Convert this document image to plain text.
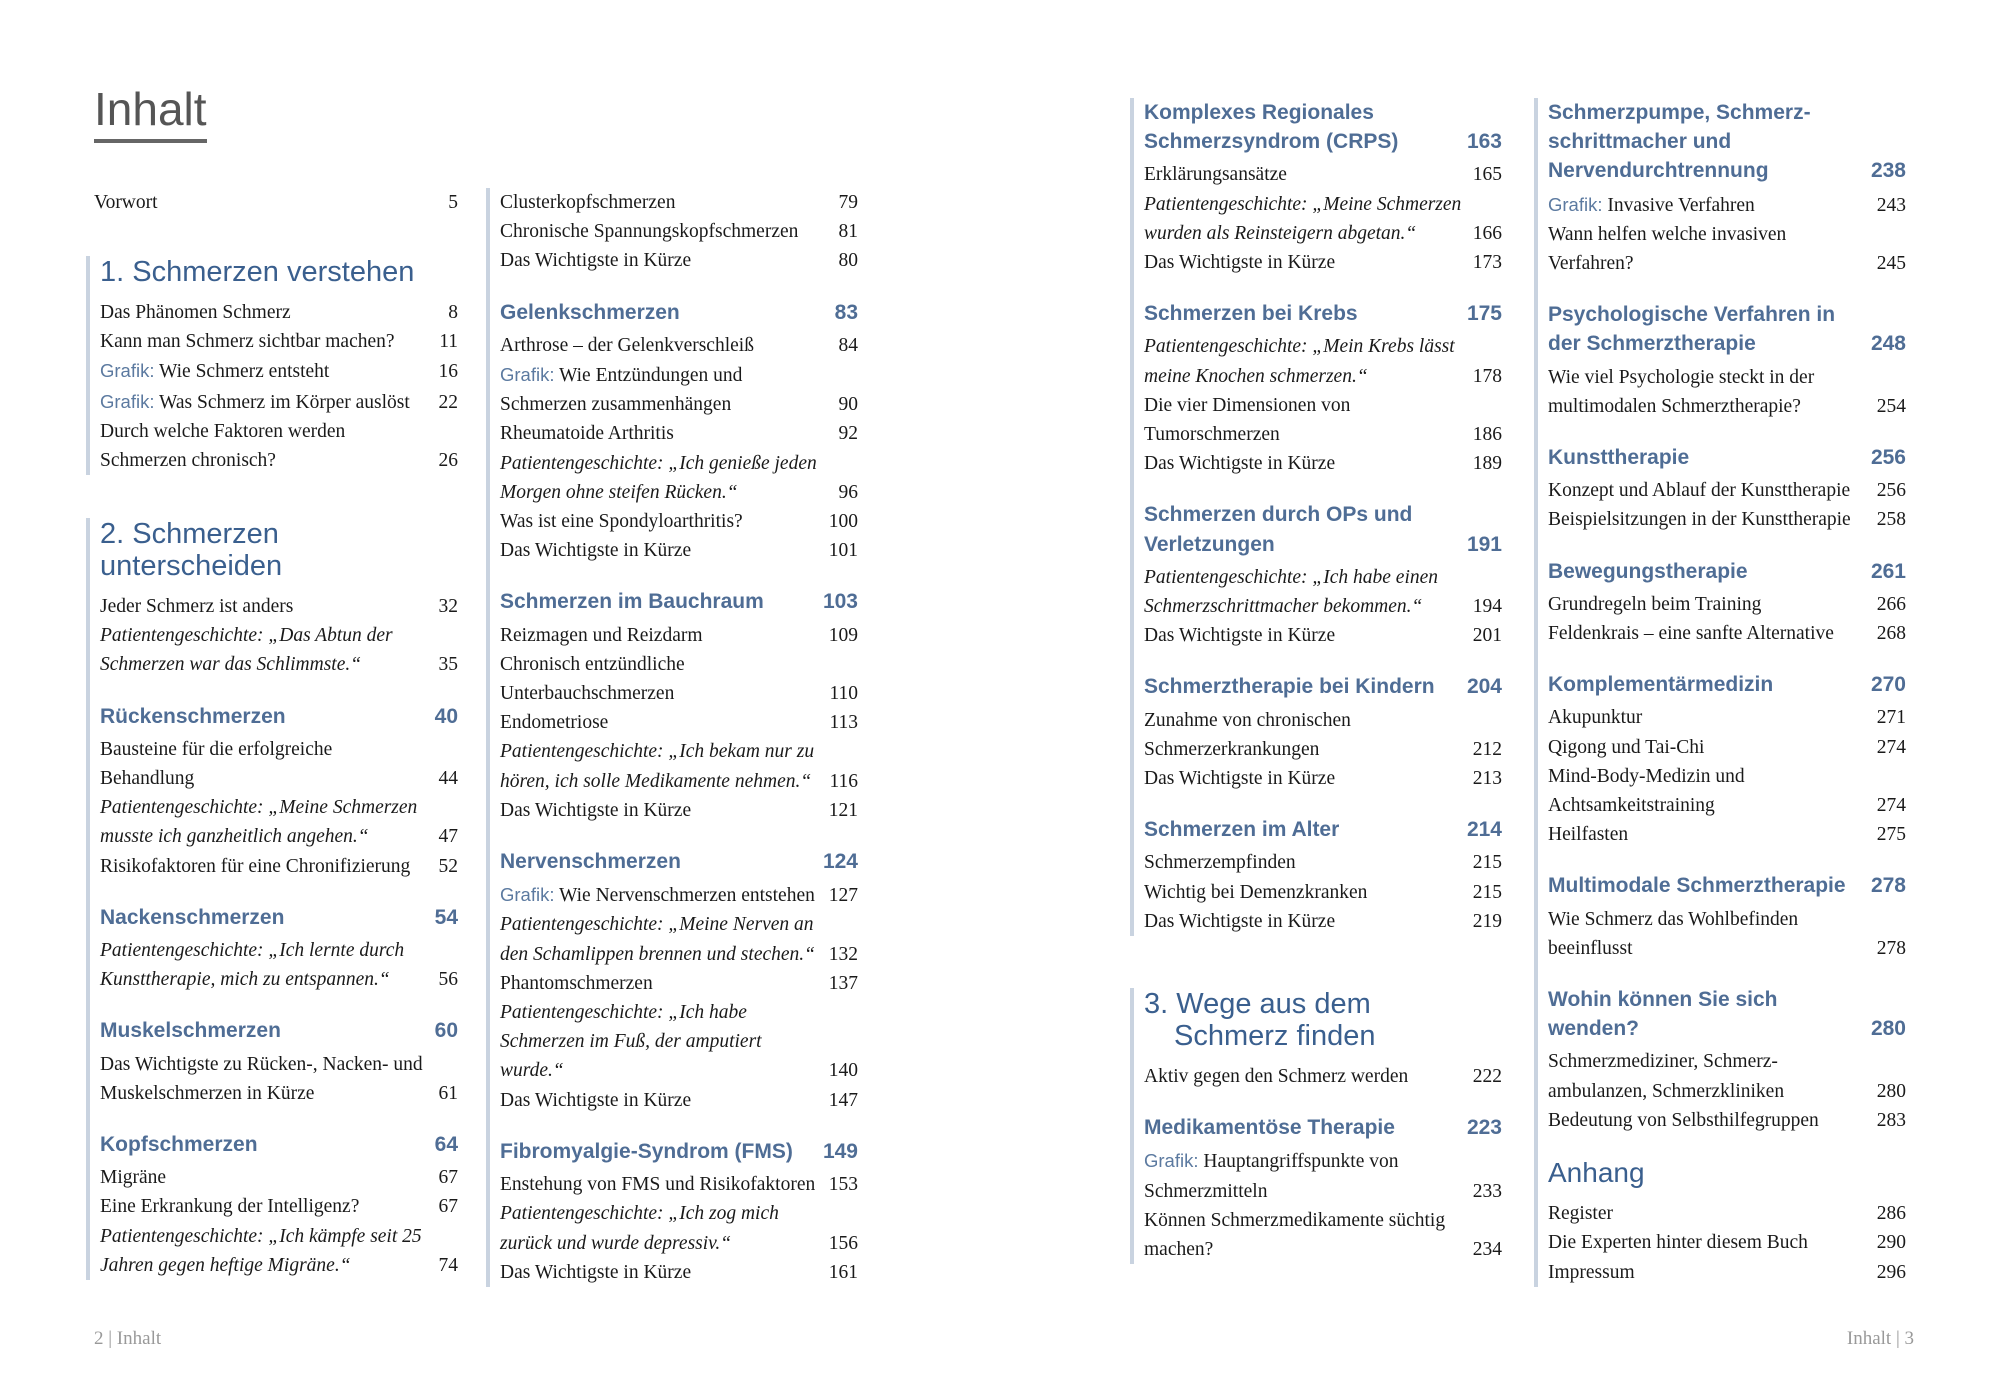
Inhalt
Vorwort	5
1. Schmerzen verstehen
Das Phänomen Schmerz	8
Kann man Schmerz sichtbar machen?	11
Grafik: Wie Schmerz entsteht	16
Grafik: Was Schmerz im Körper auslöst	22
Durch welche Faktoren werden Schmerzen chronisch?	26
2. Schmerzen unterscheiden
Jeder Schmerz ist anders	32
Patientengeschichte: „Das Abtun der Schmerzen war das Schlimmste.“	35
Rückenschmerzen	40
Bausteine für die erfolgreiche Behandlung	44
Patientengeschichte: „Meine Schmerzen musste ich ganzheitlich angehen.“	47
Risikofaktoren für eine Chronifizierung	52
Nackenschmerzen	54
Patientengeschichte: „Ich lernte durch Kunsttherapie, mich zu entspannen.“	56
Muskelschmerzen	60
Das Wichtigste zu Rücken-, Nacken- und Muskelschmerzen in Kürze	61
Kopfschmerzen	64
Migräne	67
Eine Erkrankung der Intelligenz?	67
Patientengeschichte: „Ich kämpfe seit 25 Jahren gegen heftige Migräne.“	74
Clusterkopfschmerzen	79
Chronische Spannungskopfschmerzen	81
Das Wichtigste in Kürze	80
Gelenkschmerzen	83
Arthrose – der Gelenkverschleiß	84
Grafik: Wie Entzündungen und Schmerzen zusammenhängen	90
Rheumatoide Arthritis	92
Patientengeschichte: „Ich genieße jeden Morgen ohne steifen Rücken.“	96
Was ist eine Spondyloarthritis?	100
Das Wichtigste in Kürze	101
Schmerzen im Bauchraum	103
Reizmagen und Reizdarm	109
Chronisch entzündliche Unterbauchschmerzen	110
Endometriose	113
Patientengeschichte: „Ich bekam nur zu hören, ich solle Medikamente nehmen.“ 116
Das Wichtigste in Kürze	121
Nervenschmerzen	124
Grafik: Wie Nervenschmerzen entstehen 127
Patientengeschichte: „Meine Nerven an den Schamlippen brennen und stechen.“ 132
Phantomschmerzen	137
Patientengeschichte: „Ich habe Schmerzen im Fuß, der amputiert wurde.“	140
Das Wichtigste in Kürze	147
Fibromyalgie-Syndrom (FMS)	149
Enstehung von FMS und Risikofaktoren 153
Patientengeschichte: „Ich zog mich zurück und wurde depressiv.“	156
Das Wichtigste in Kürze	161
Komplexes Regionales Schmerzsyndrom (CRPS)	163
Erklärungsansätze	165
Patientengeschichte: „Meine Schmerzen wurden als Reinsteigern abgetan.“	166
Das Wichtigste in Kürze	173
Schmerzen bei Krebs	175
Patientengeschichte: „Mein Krebs lässt meine Knochen schmerzen.“	178
Die vier Dimensionen von Tumorschmerzen	186
Das Wichtigste in Kürze	189
Schmerzen durch OPs und Verletzungen	191
Patientengeschichte: „Ich habe einen Schmerzschrittmacher bekommen.“	194
Das Wichtigste in Kürze	201
Schmerztherapie bei Kindern	204
Zunahme von chronischen Schmerzerkrankungen	212
Das Wichtigste in Kürze	213
Schmerzen im Alter	214
Schmerzempfinden	215
Wichtig bei Demenzkranken	215
Das Wichtigste in Kürze	219
3. Wege aus dem
Schmerz finden
Aktiv gegen den Schmerz werden	222
Medikamentöse Therapie	223
Grafik: Hauptangriffspunkte von Schmerzmitteln	233
Können Schmerzmedikamente süchtig machen?	234
Schmerzpumpe, Schmerz- schrittmacher und Nervendurchtrennung	238
Grafik: Invasive Verfahren	243
Wann helfen welche invasiven Verfahren?	245
Psychologische Verfahren in der Schmerztherapie	248
Wie viel Psychologie steckt in der multimodalen Schmerztherapie?	254
Kunsttherapie	256
Konzept und Ablauf der Kunsttherapie	256
Beispielsitzungen in der Kunsttherapie	258
Bewegungstherapie	261
Grundregeln beim Training	266
Feldenkrais – eine sanfte Alternative	268
Komplementärmedizin	270
Akupunktur	271
Qigong und Tai-Chi	274
Mind-Body-Medizin und Achtsamkeitstraining	274
Heilfasten	275
Multimodale Schmerztherapie	278
Wie Schmerz das Wohlbefinden beeinflusst	278
Wohin können Sie sich wenden?	280
Schmerzmediziner, Schmerz- ambulanzen, Schmerzkliniken	280
Bedeutung von Selbsthilfegruppen	283
Anhang
Register	286
Die Experten hinter diesem Buch	290
Impressum	296
2 | Inhalt	Inhalt | 3
